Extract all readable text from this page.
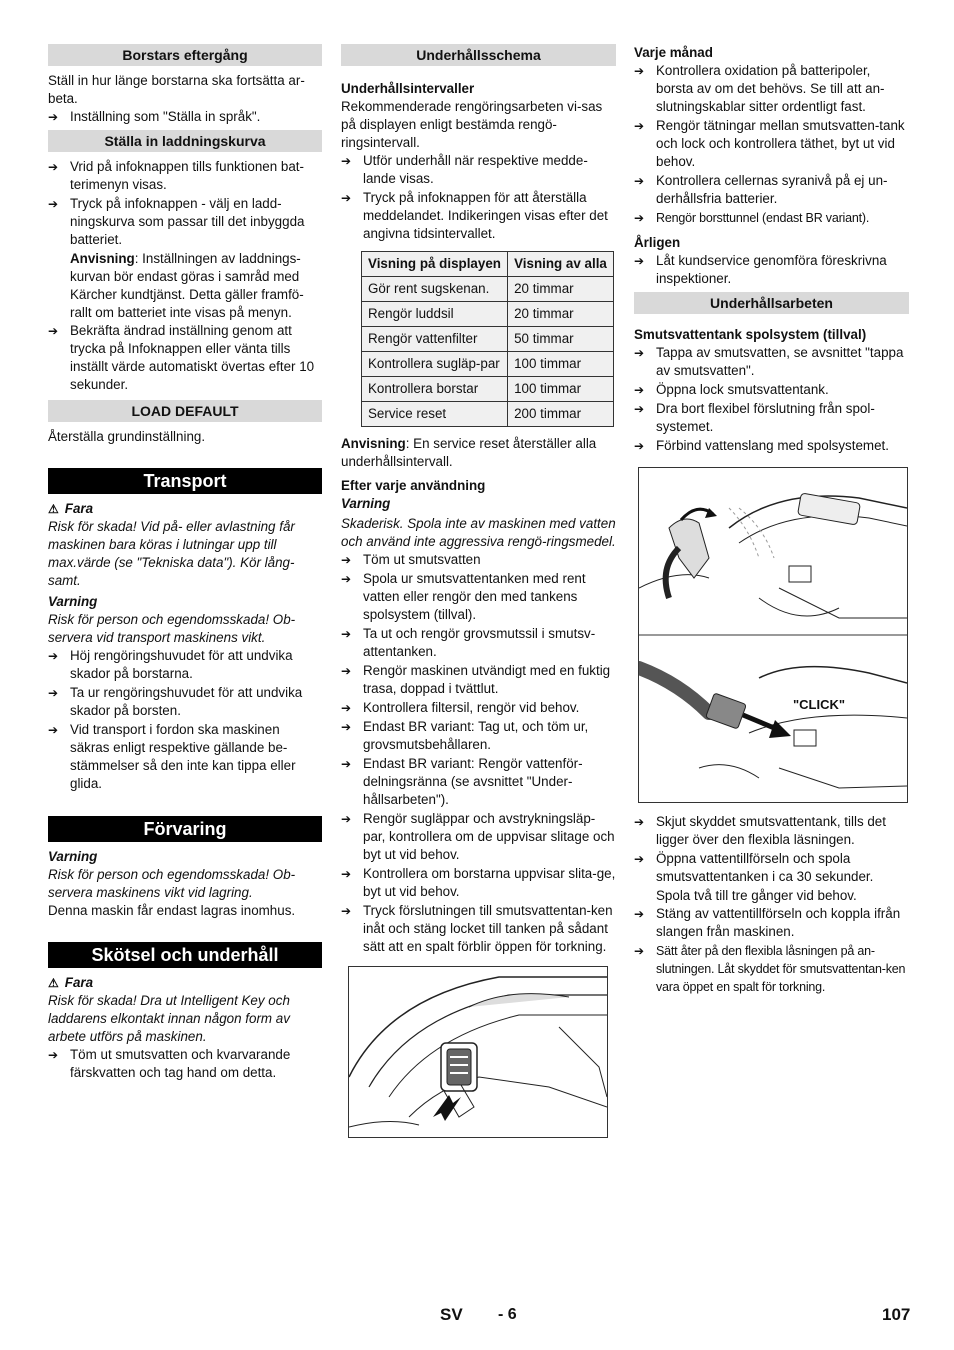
Borstars eftergång

Ställ in hur länge borstarna ska fortsätta ar-beta.

➔ Inställning som "Ställa in språk".
Ställa in laddningskurva
➔ Vrid på infoknappen tills funktionen bat-terimenyn visas.
➔ Tryck på infoknappen - välj en ladd-ningskurva som passar till det inbyggda batteriet.

Anvisning: Inställningen av laddnings-kurvan bör endast göras i samråd med Kärcher kundtjänst. Detta gäller framfö-rallt om batteriet inte visas på menyn.

➔ Bekräfta ändrad inställning genom att trycka på Infoknappen eller vänta tills inställt värde automatiskt övertas efter 10 sekunder.
LOAD DEFAULT

Återställa grundinställning.

Transport

⚠ Fara

Risk för skada! Vid på- eller avlastning får maskinen bara köras i lutningar upp till max.värde (se "Tekniska data"). Kör lång-samt.

Varning

Risk för person och egendomsskada! Ob-servera vid transport maskinens vikt.

➔ Höj rengöringshuvudet för att undvika skador på borstarna.
➔ Ta ur rengöringshuvudet för att undvika skador på borsten.
➔ Vid transport i fordon ska maskinen säkras enligt respektive gällande be-stämmelser så den inte kan tippa eller glida.
Förvaring

Varning

Risk för person och egendomsskada! Ob-servera maskinens vikt vid lagring.

Denna maskin får endast lagras inomhus.

Skötsel och underhåll

⚠ Fara

Risk för skada! Dra ut Intelligent Key och laddarens elkontakt innan någon form av arbete utförs på maskinen.

➔ Töm ut smutsvatten och kvarvarande färskvatten och tag hand om detta.
Underhållsschema

Underhållsintervaller

Rekommenderade rengöringsarbeten vi-sas på displayen enligt bestämda rengö-ringsintervall.

➔ Utför underhåll när respektive medde-lande visas.
➔ Tryck på infoknappen för att återställa meddelandet. Indikeringen visas efter det angivna tidsintervallet.
Visning på displayen	Visning av alla
Gör rent sugskenan.	20 timmar
Rengör luddsil	20 timmar
Rengör vattenfilter	50 timmar
Kontrollera sugläp-par	100 timmar
Kontrollera borstar	100 timmar
Service reset	200 timmar

Anvisning: En service reset återställer alla underhållsintervall.

Efter varje användning

Varning

Skaderisk. Spola inte av maskinen med vatten och använd inte aggressiva rengö-ringsmedel.

➔ Töm ut smutsvatten
➔ Spola ur smutsvattentanken med rent vatten eller rengör den med tankens spolsystem (tillval).
➔ Ta ut och rengör grovsmutssil i smutsv-attentanken.
➔ Rengör maskinen utvändigt med en fuktig trasa, doppad i tvättlut.
➔ Kontrollera filtersil, rengör vid behov.
➔ Endast BR variant: Tag ut, och töm ur, grovsmutsbehållaren.
➔ Endast BR variant: Rengör vattenför-delningsränna (se avsnittet "Under-hållsarbeten").
➔ Rengör sugläppar och avstrykningsläp-par, kontrollera om de uppvisar slitage och byt ut vid behov.
➔ Kontrollera om borstarna uppvisar slita-ge, byt ut vid behov.
➔ Tryck förslutningen till smutsvattentan-ken inåt och stäng locket till tanken på sådant sätt att en spalt förblir öppen för torkning.

Varje månad

➔ Kontrollera oxidation på batteripoler, borsta av om det behövs. Se till att an-slutningskablar sitter ordentligt fast.
➔ Rengör tätningar mellan smutsvatten-tank och lock och kontrollera täthet, byt ut vid behov.
➔ Kontrollera cellernas syranivå på ej un-derhållsfria batterier.
➔ Rengör borsttunnel (endast BR variant).

Årligen

➔ Låt kundservice genomföra föreskrivna inspektioner.
Underhållsarbeten

Smutsvattentank spolsystem (tillval)

➔ Tappa av smutsvatten, se avsnittet "tappa av smutsvatten".
➔ Öppna lock smutsvattentank.
➔ Dra bort flexibel förslutning från spol-systemet.
➔ Förbind vattenslang med spolsystemet.
"CLICK"
➔ Skjut skyddet smutsvattentank, tills det ligger över den flexibla läsningen.
➔ Öppna vattentillförseln och spola smutsvattentanken i ca 30 sekunder.

Spola två till tre gånger vid behov.

➔ Stäng av vattentillförseln och koppla ifrån slangen från maskinen.
➔ Sätt åter på den flexibla låsningen på an-slutningen. Låt skyddet för smutsvattentan-ken vara öppet en spalt för torkning.
SV - 6	107
